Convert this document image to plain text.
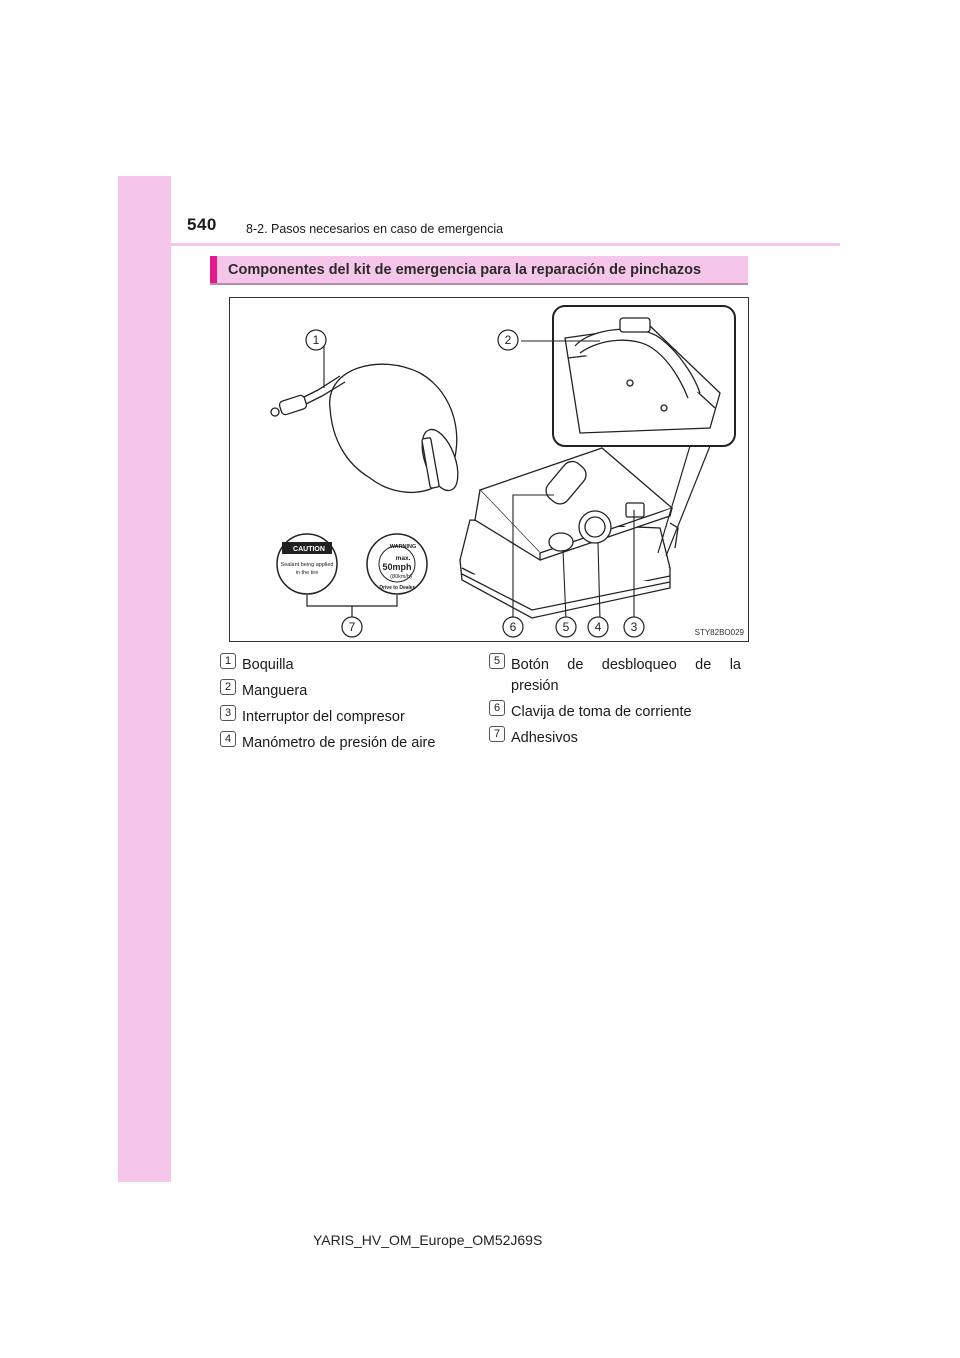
540 8-2. Pasos necesarios en caso de emergencia
Componentes del kit de emergencia para la reparación de pinchazos
CAUTION
Sealant being applied
in the tire
WARNING
max.
50mph
(80km/h)
Drive to Dealer
1	2
3
4
5
6
7	STY82BO029
1 Boquilla
2 Manguera
3 Interruptor del compresor
4 Manómetro de presión de aire
5 Botón de desbloqueo de la
presión
6 Clavija de toma de corriente
7 Adhesivos
YARIS_HV_OM_Europe_OM52J69S
